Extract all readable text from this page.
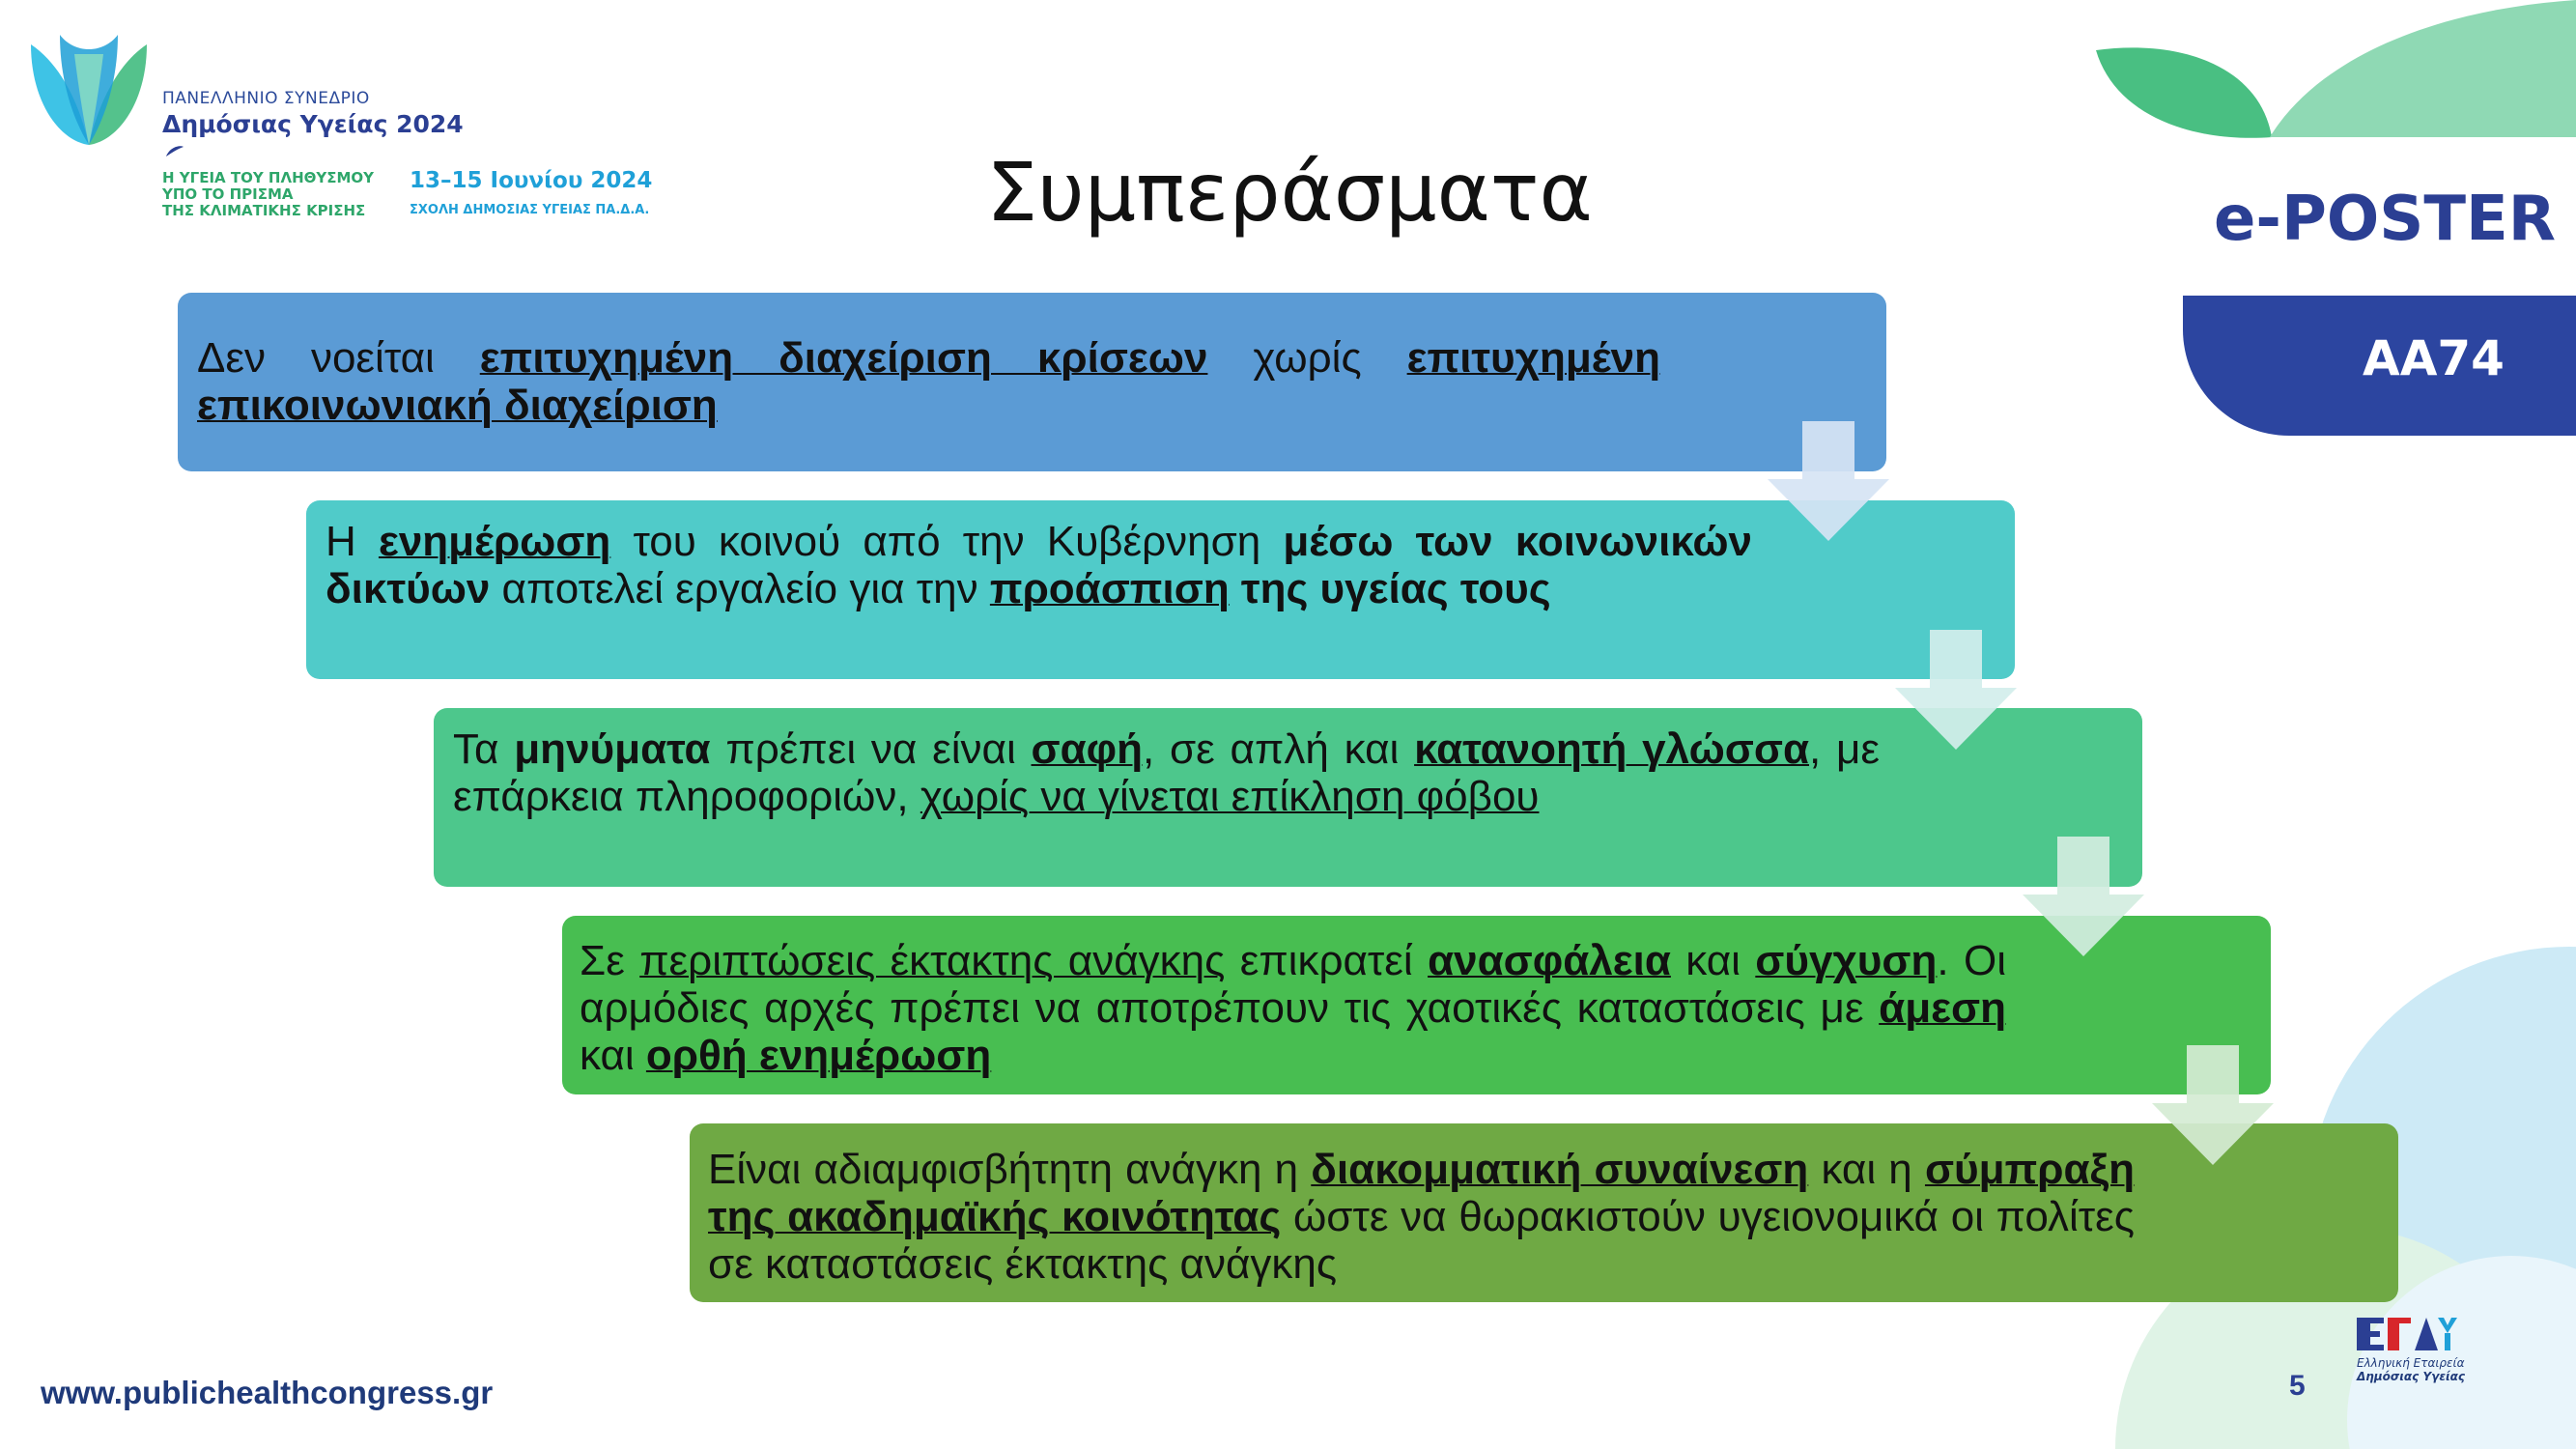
ΠΑΝΕΛΛΗΝΙΟ ΣΥΝΕΔΡΙΟ
Δημόσιας Υγείας 2024
Η ΥΓΕΙΑ ΤΟΥ ΠΛΗΘΥΣΜΟΥ
ΥΠΟ ΤΟ ΠΡΙΣΜΑ
ΤΗΣ ΚΛΙΜΑΤΙΚΗΣ ΚΡΙΣΗΣ
13–15 Ιουνίου 2024
ΣΧΟΛΗ ΔΗΜΟΣΙΑΣ ΥΓΕΙΑΣ ΠΑ.Δ.Α.	Συμπεράσματα	e-POSTER
AA74
Δεν νοείται επιτυχημένη διαχείριση κρίσεων χωρίς επιτυχημένη επικοινωνιακή διαχείριση
Η ενημέρωση του κοινού από την Κυβέρνηση μέσω των κοινωνικών δικτύων αποτελεί εργαλείο για την προάσπιση της υγείας τους
Τα μηνύματα πρέπει να είναι σαφή, σε απλή και κατανοητή γλώσσα, με επάρκεια πληροφοριών, χωρίς να γίνεται επίκληση φόβου
Σε περιπτώσεις έκτακτης ανάγκης επικρατεί ανασφάλεια και σύγχυση. Οι αρμόδιες αρχές πρέπει να αποτρέπουν τις χαοτικές καταστάσεις με άμεση και ορθή ενημέρωση
Είναι αδιαμφισβήτητη ανάγκη η διακομματική συναίνεση και η σύμπραξη της ακαδημαϊκής κοινότητας ώστε να θωρακιστούν υγειονομικά οι πολίτες σε καταστάσεις έκτακτης ανάγκης
www.publichealthcongress.gr	5
Ελληνική Εταιρεία
Δημόσιας Υγείας
